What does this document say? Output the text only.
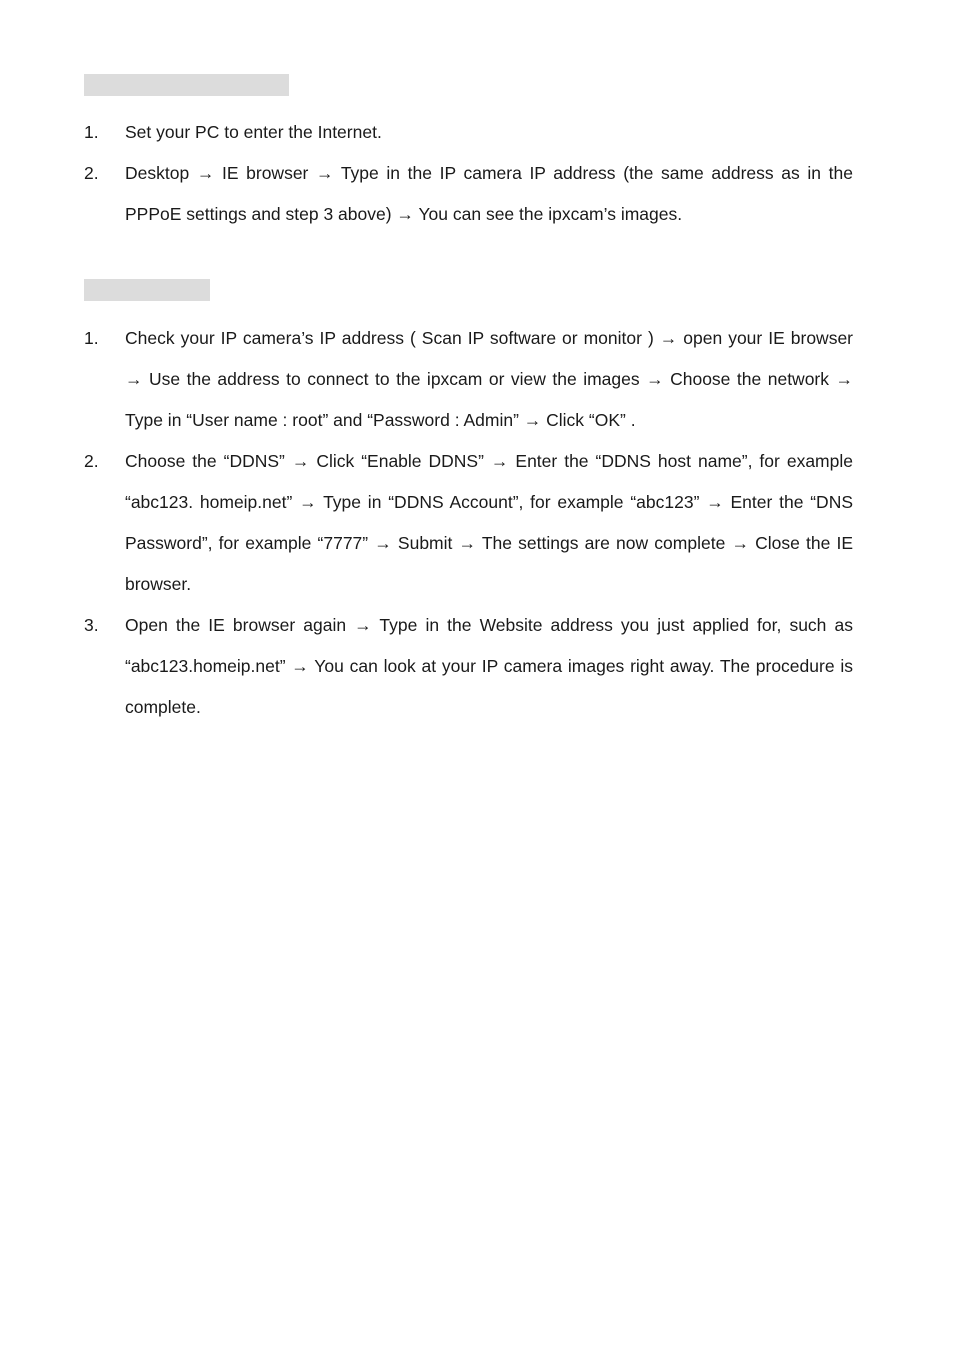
1. Set your PC to enter the Internet.
2. Desktop → IE browser → Type in the IP camera IP address (the same address as in the PPPoE settings and step 3 above) → You can see the ipxcam’s images.
1. Check your IP camera’s IP address ( Scan IP software or monitor ) → open your IE browser → Use the address to connect to the ipxcam or view the images → Choose the network → Type in “User name : root” and “Password : Admin” → Click “OK” .
2. Choose the “DDNS” → Click “Enable DDNS” → Enter the “DDNS host name”, for example “abc123. homeip.net” → Type in “DDNS Account”, for example “abc123” → Enter the “DNS Password”, for example “7777” → Submit → The settings are now complete → Close the IE browser.
3. Open the IE browser again → Type in the Website address you just applied for, such as “abc123.homeip.net” → You can look at your IP camera images right away. The procedure is complete.
